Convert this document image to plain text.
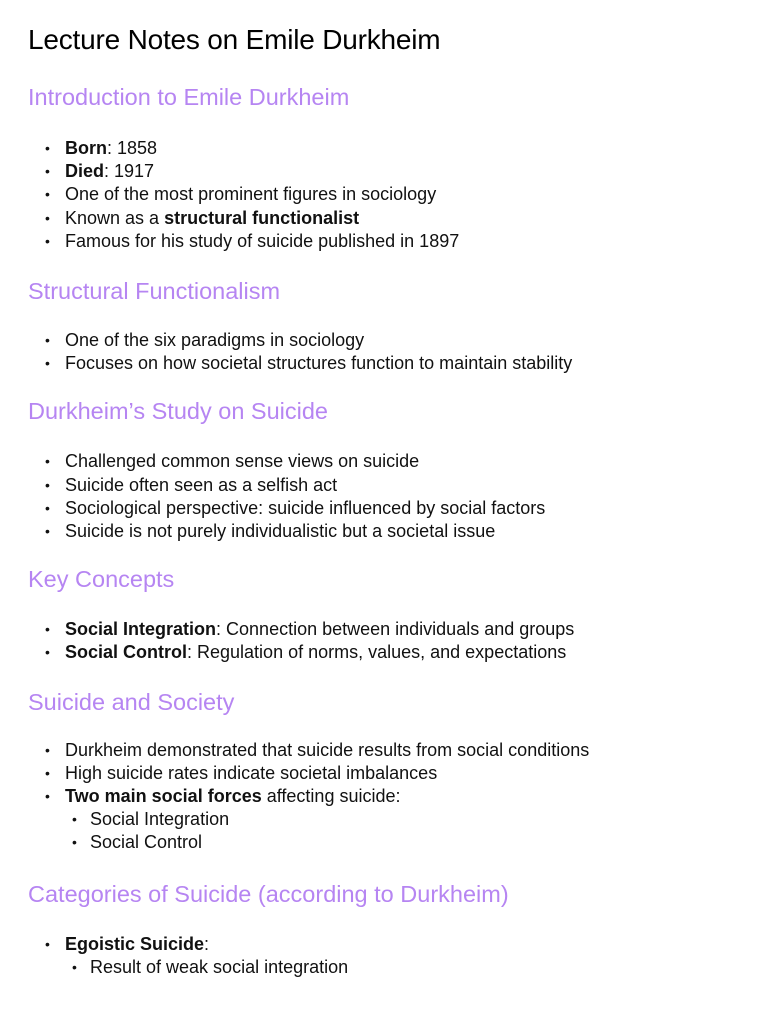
Lecture Notes on Emile Durkheim
Introduction to Emile Durkheim
• Born: 1858
• Died: 1917
• One of the most prominent figures in sociology
• Known as a structural functionalist
• Famous for his study of suicide published in 1897
Structural Functionalism
• One of the six paradigms in sociology
• Focuses on how societal structures function to maintain stability
Durkheim’s Study on Suicide
• Challenged common sense views on suicide
• Suicide often seen as a selfish act
• Sociological perspective: suicide influenced by social factors
• Suicide is not purely individualistic but a societal issue
Key Concepts
• Social Integration: Connection between individuals and groups
• Social Control: Regulation of norms, values, and expectations
Suicide and Society
• Durkheim demonstrated that suicide results from social conditions
• High suicide rates indicate societal imbalances
• Two main social forces affecting suicide:
• Social Integration
• Social Control
Categories of Suicide (according to Durkheim)
• Egoistic Suicide:
• Result of weak social integration
